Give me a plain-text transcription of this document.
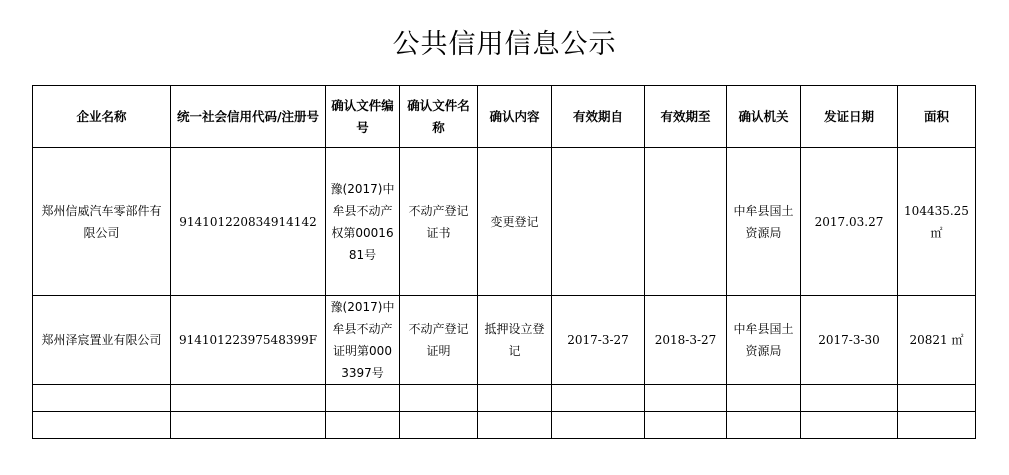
公共信用信息公示
企业名称	统一社会信用代码/注册号	确认文件编号	确认文件名称	确认内容	有效期自	有效期至	确认机关	发证日期	面积
郑州信威汽车零部件有限公司	914101220834914142	豫(2017)中牟县不动产权第0001681号	不动产登记证书	变更登记			中牟县国土资源局	2017.03.27	104435.25 ㎡
郑州泽宸置业有限公司	91410122397548399F	豫(2017)中牟县不动产证明第0003397号	不动产登记证明	抵押设立登记	2017-3-27	2018-3-27	中牟县国土资源局	2017-3-30	20821 ㎡
